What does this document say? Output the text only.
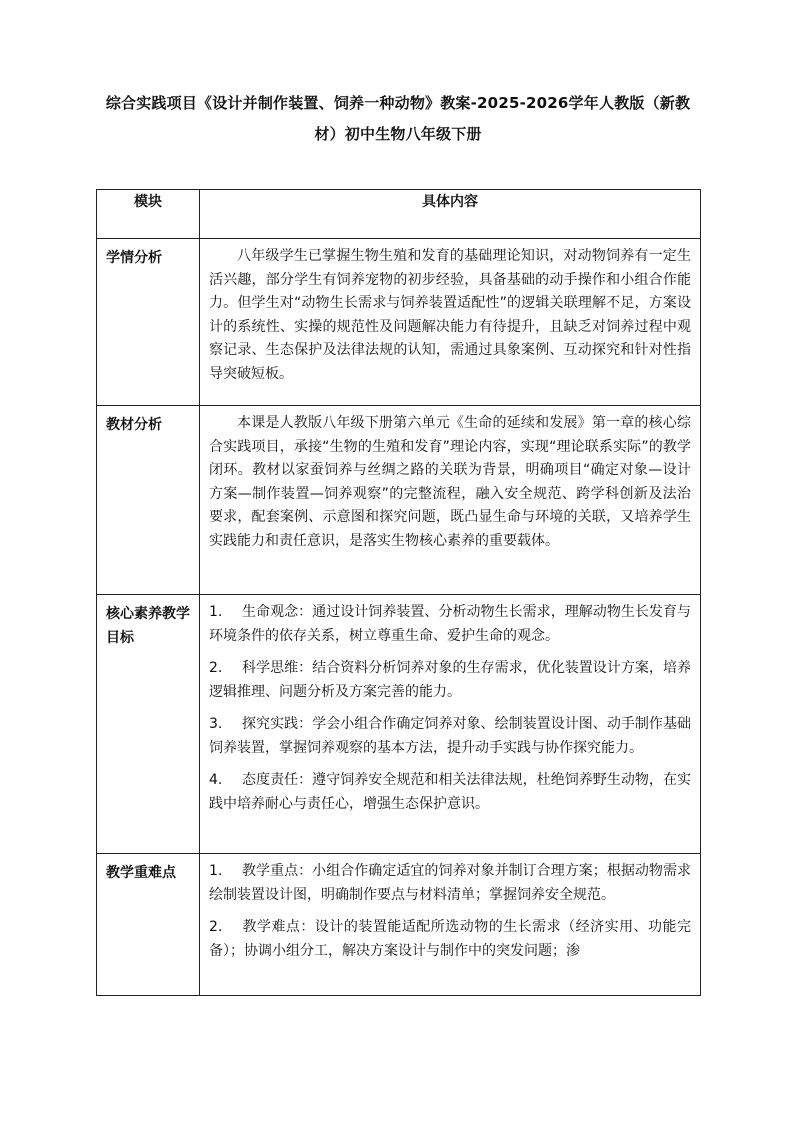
综合实践项目《设计并制作装置、饲养一种动物》教案-2025-2026学年人教版（新教材）初中生物八年级下册
模块	具体内容
学情分析	八年级学生已掌握生物生殖和发育的基础理论知识，对动物饲养有一定生活兴趣，部分学生有饲养宠物的初步经验，具备基础的动手操作和小组合作能力。但学生对“动物生长需求与饲养装置适配性”的逻辑关联理解不足，方案设计的系统性、实操的规范性及问题解决能力有待提升，且缺乏对饲养过程中观察记录、生态保护及法律法规的认知，需通过具象案例、互动探究和针对性指导突破短板。

教材分析	本课是人教版八年级下册第六单元《生命的延续和发展》第一章的核心综合实践项目，承接“生物的生殖和发育”理论内容，实现“理论联系实际”的教学闭环。教材以家蚕饲养与丝绸之路的关联为背景，明确项目“确定对象—设计方案—制作装置—饲养观察”的完整流程，融入安全规范、跨学科创新及法治要求，配套案例、示意图和探究问题，既凸显生命与环境的关联，又培养学生实践能力和责任意识，是落实生物核心素养的重要载体。

核心素养教学目标	1. 生命观念：通过设计饲养装置、分析动物生长需求，理解动物生长发育与环境条件的依存关系，树立尊重生命、爱护生命的观念。

2. 科学思维：结合资料分析饲养对象的生存需求，优化装置设计方案，培养逻辑推理、问题分析及方案完善的能力。

3. 探究实践：学会小组合作确定饲养对象、绘制装置设计图、动手制作基础饲养装置，掌握饲养观察的基本方法，提升动手实践与协作探究能力。

4. 态度责任：遵守饲养安全规范和相关法律法规，杜绝饲养野生动物，在实践中培养耐心与责任心，增强生态保护意识。

教学重难点	1. 教学重点：小组合作确定适宜的饲养对象并制订合理方案；根据动物需求绘制装置设计图，明确制作要点与材料清单；掌握饲养安全规范。

2. 教学难点：设计的装置能适配所选动物的生长需求（经济实用、功能完备）；协调小组分工，解决方案设计与制作中的突发问题；渗
